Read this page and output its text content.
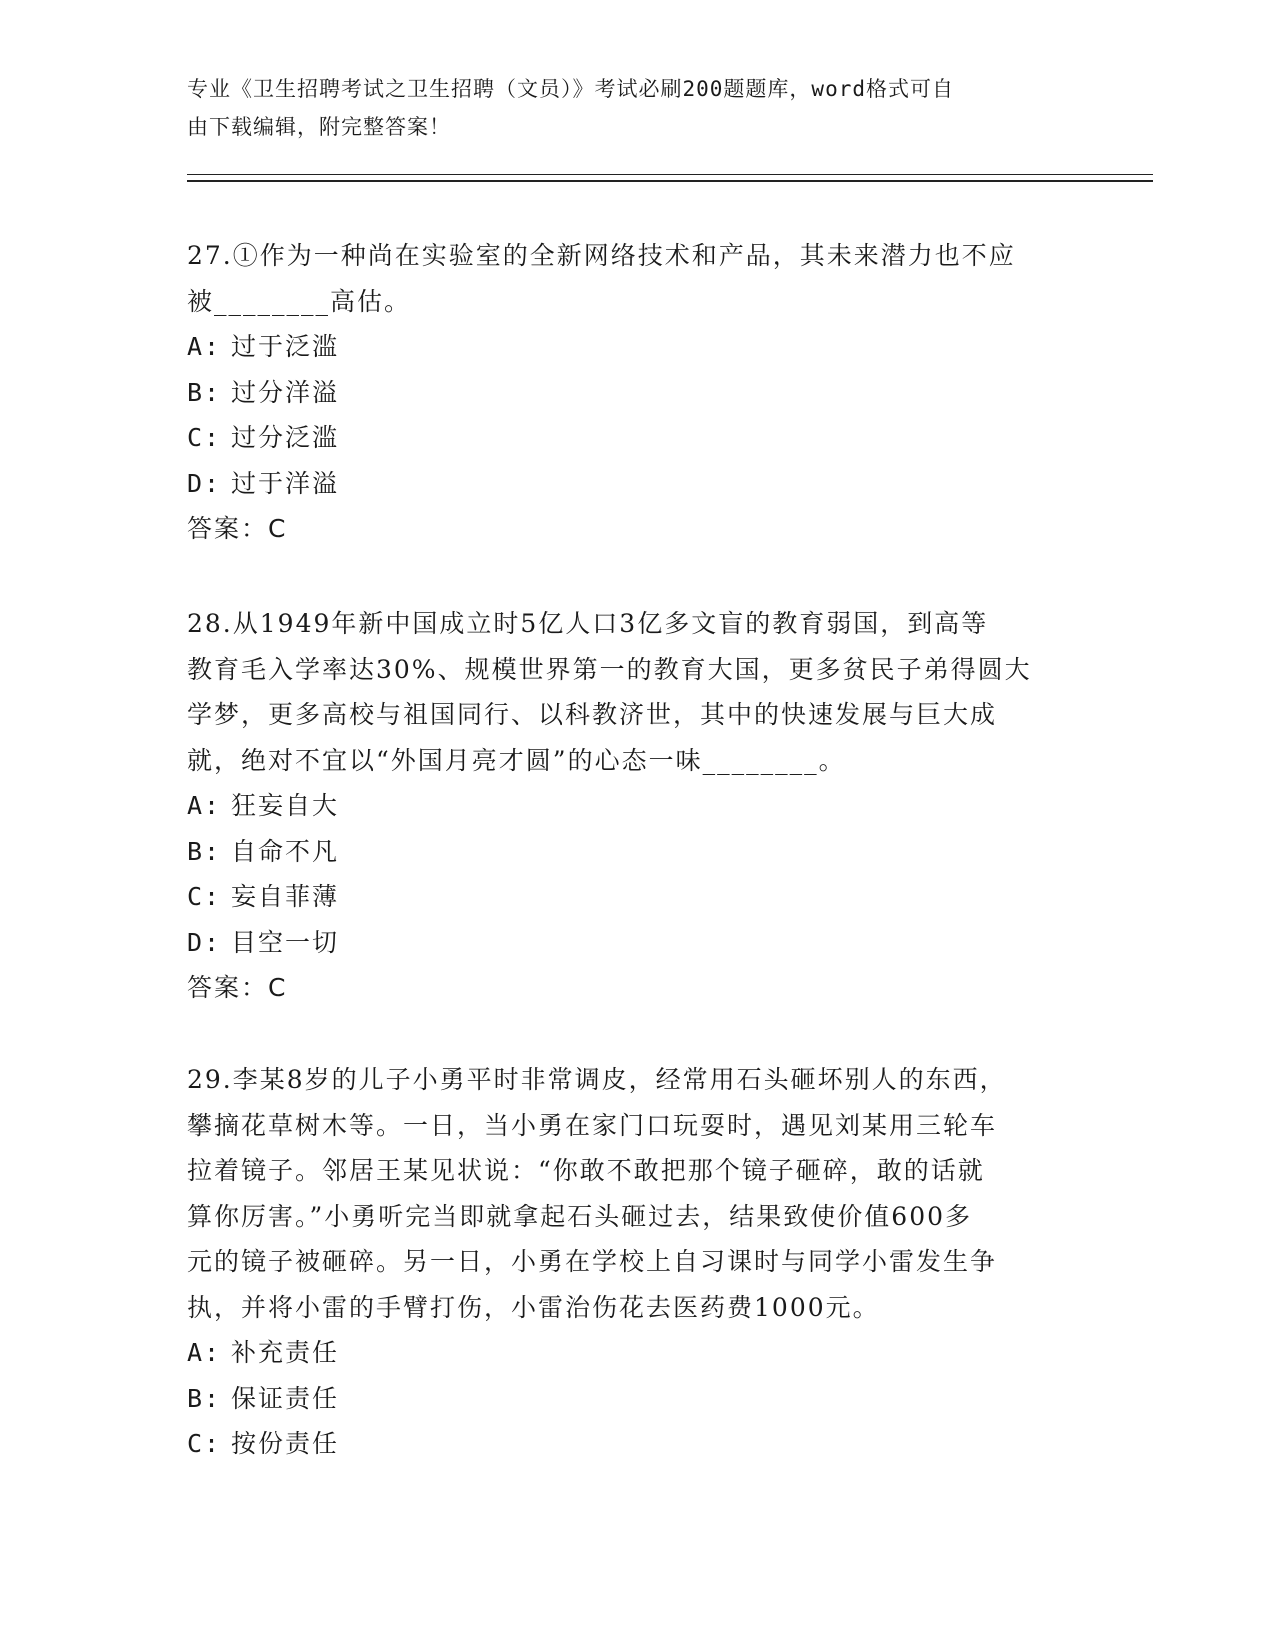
专业《卫生招聘考试之卫生招聘（文员）》考试必刷200题题库，word格式可自
由下载编辑，附完整答案！
27.①作为一种尚在实验室的全新网络技术和产品，其未来潜力也不应
被________高估。
A: 过于泛滥
B: 过分洋溢
C: 过分泛滥
D: 过于洋溢
答案：C
28.从1949年新中国成立时5亿人口3亿多文盲的教育弱国，到高等
教育毛入学率达30%、规模世界第一的教育大国，更多贫民子弟得圆大
学梦，更多高校与祖国同行、以科教济世，其中的快速发展与巨大成
就，绝对不宜以“外国月亮才圆”的心态一味________。
A: 狂妄自大
B: 自命不凡
C: 妄自菲薄
D: 目空一切
答案：C
29.李某8岁的儿子小勇平时非常调皮，经常用石头砸坏别人的东西，
攀摘花草树木等。一日，当小勇在家门口玩耍时，遇见刘某用三轮车
拉着镜子。邻居王某见状说：“你敢不敢把那个镜子砸碎，敢的话就
算你厉害。”小勇听完当即就拿起石头砸过去，结果致使价值600多
元的镜子被砸碎。另一日，小勇在学校上自习课时与同学小雷发生争
执，并将小雷的手臂打伤，小雷治伤花去医药费1000元。
A: 补充责任
B: 保证责任
C: 按份责任
